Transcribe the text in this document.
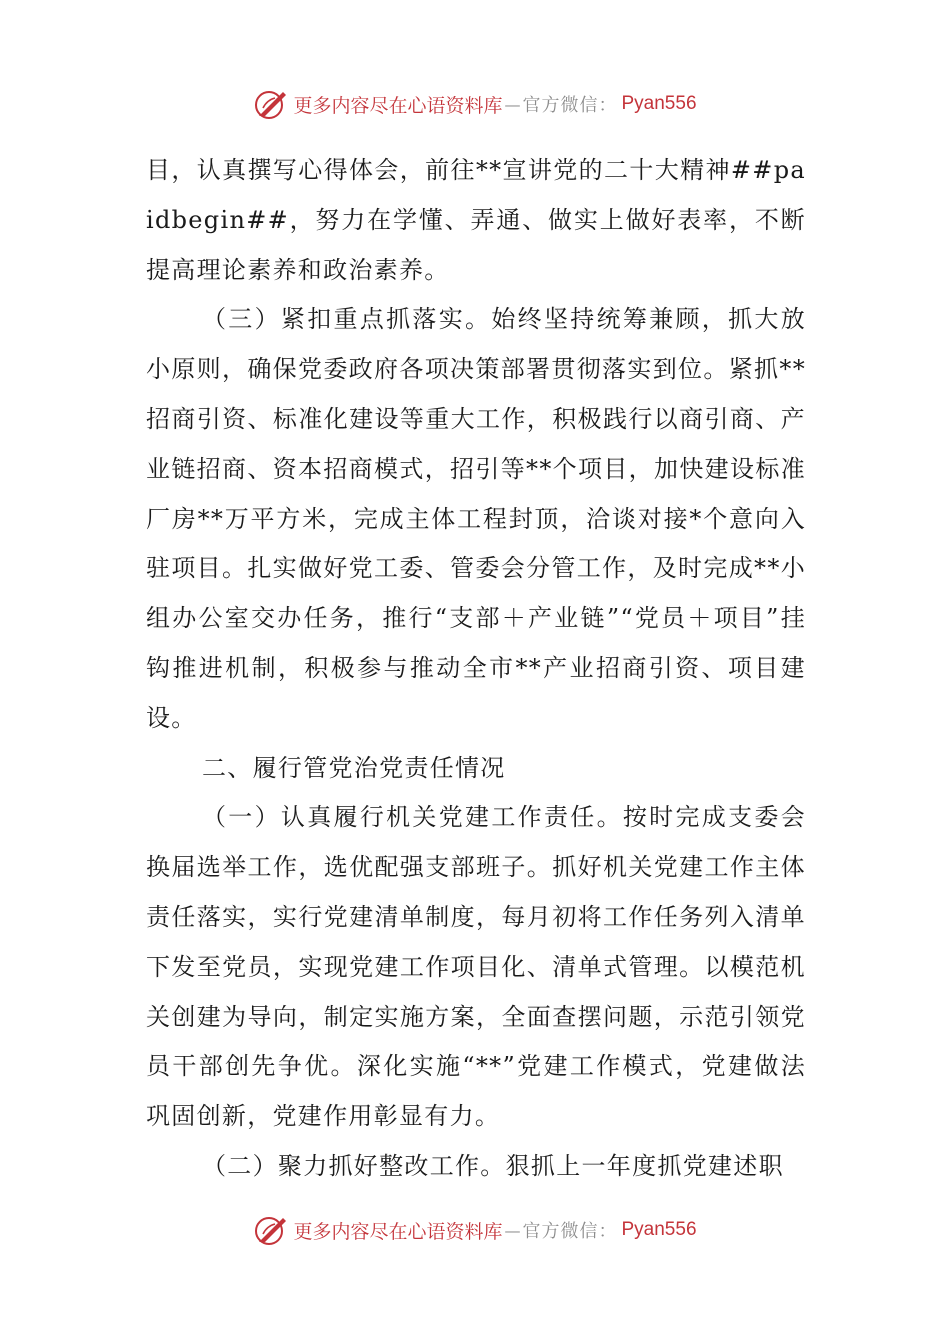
更多内容尽在心语资料库 — 官方微信： Pyan556

目，认真撰写心得体会，前往**宣讲党的二十大精神##paidbegin##，努力在学懂、弄通、做实上做好表率，不断提高理论素养和政治素养。

（三）紧扣重点抓落实。始终坚持统筹兼顾，抓大放小原则，确保党委政府各项决策部署贯彻落实到位。紧抓**招商引资、标准化建设等重大工作，积极践行以商引商、产业链招商、资本招商模式，招引等**个项目，加快建设标准厂房**万平方米，完成主体工程封顶，洽谈对接*个意向入驻项目。扎实做好党工委、管委会分管工作，及时完成**小组办公室交办任务，推行“支部＋产业链”“党员＋项目”挂钩推进机制，积极参与推动全市**产业招商引资、项目建设。

二、履行管党治党责任情况

（一）认真履行机关党建工作责任。按时完成支委会换届选举工作，选优配强支部班子。抓好机关党建工作主体责任落实，实行党建清单制度，每月初将工作任务列入清单下发至党员，实现党建工作项目化、清单式管理。以模范机关创建为导向，制定实施方案，全面查摆问题，示范引领党员干部创先争优。深化实施“**”党建工作模式，党建做法巩固创新，党建作用彰显有力。

（二）聚力抓好整改工作。狠抓上一年度抓党建述职

更多内容尽在心语资料库 — 官方微信： Pyan556
